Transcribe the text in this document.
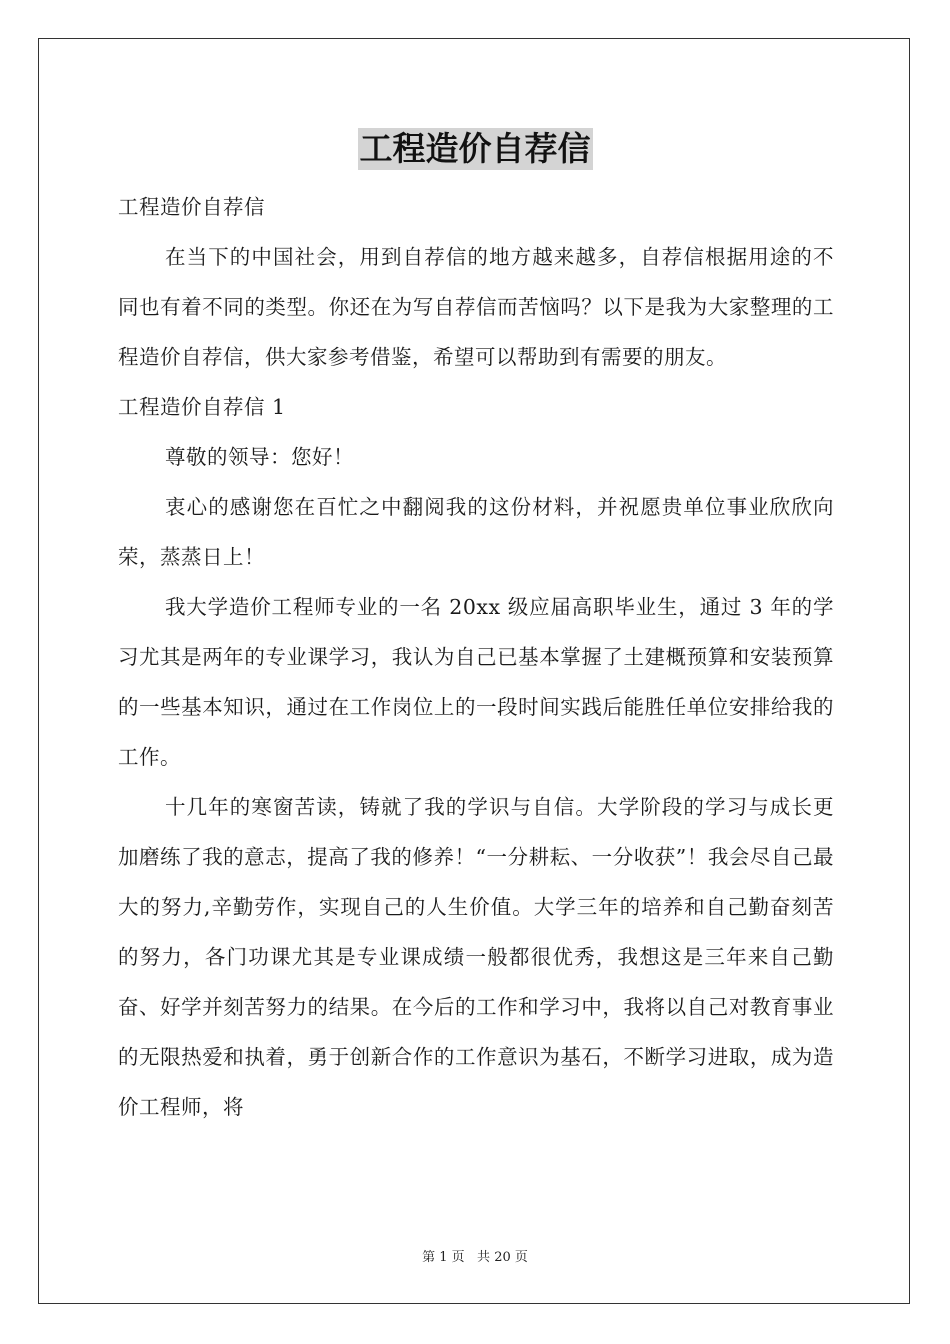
工程造价自荐信

工程造价自荐信

在当下的中国社会，用到自荐信的地方越来越多，自荐信根据用途的不同也有着不同的类型。你还在为写自荐信而苦恼吗？以下是我为大家整理的工程造价自荐信，供大家参考借鉴，希望可以帮助到有需要的朋友。

工程造价自荐信 1

尊敬的领导：您好！

衷心的感谢您在百忙之中翻阅我的这份材料，并祝愿贵单位事业欣欣向荣，蒸蒸日上！

我大学造价工程师专业的一名 20xx 级应届高职毕业生，通过 3 年的学习尤其是两年的专业课学习，我认为自己已基本掌握了土建概预算和安装预算的一些基本知识，通过在工作岗位上的一段时间实践后能胜任单位安排给我的工作。

十几年的寒窗苦读，铸就了我的学识与自信。大学阶段的学习与成长更加磨练了我的意志，提高了我的修养！“一分耕耘、一分收获”！我会尽自己最大的努力,辛勤劳作，实现自己的人生价值。大学三年的培养和自己勤奋刻苦的努力，各门功课尤其是专业课成绩一般都很优秀，我想这是三年来自己勤奋、好学并刻苦努力的结果。在今后的工作和学习中，我将以自己对教育事业的无限热爱和执着，勇于创新合作的工作意识为基石，不断学习进取，成为造价工程师，将

第 1 页   共 20 页
